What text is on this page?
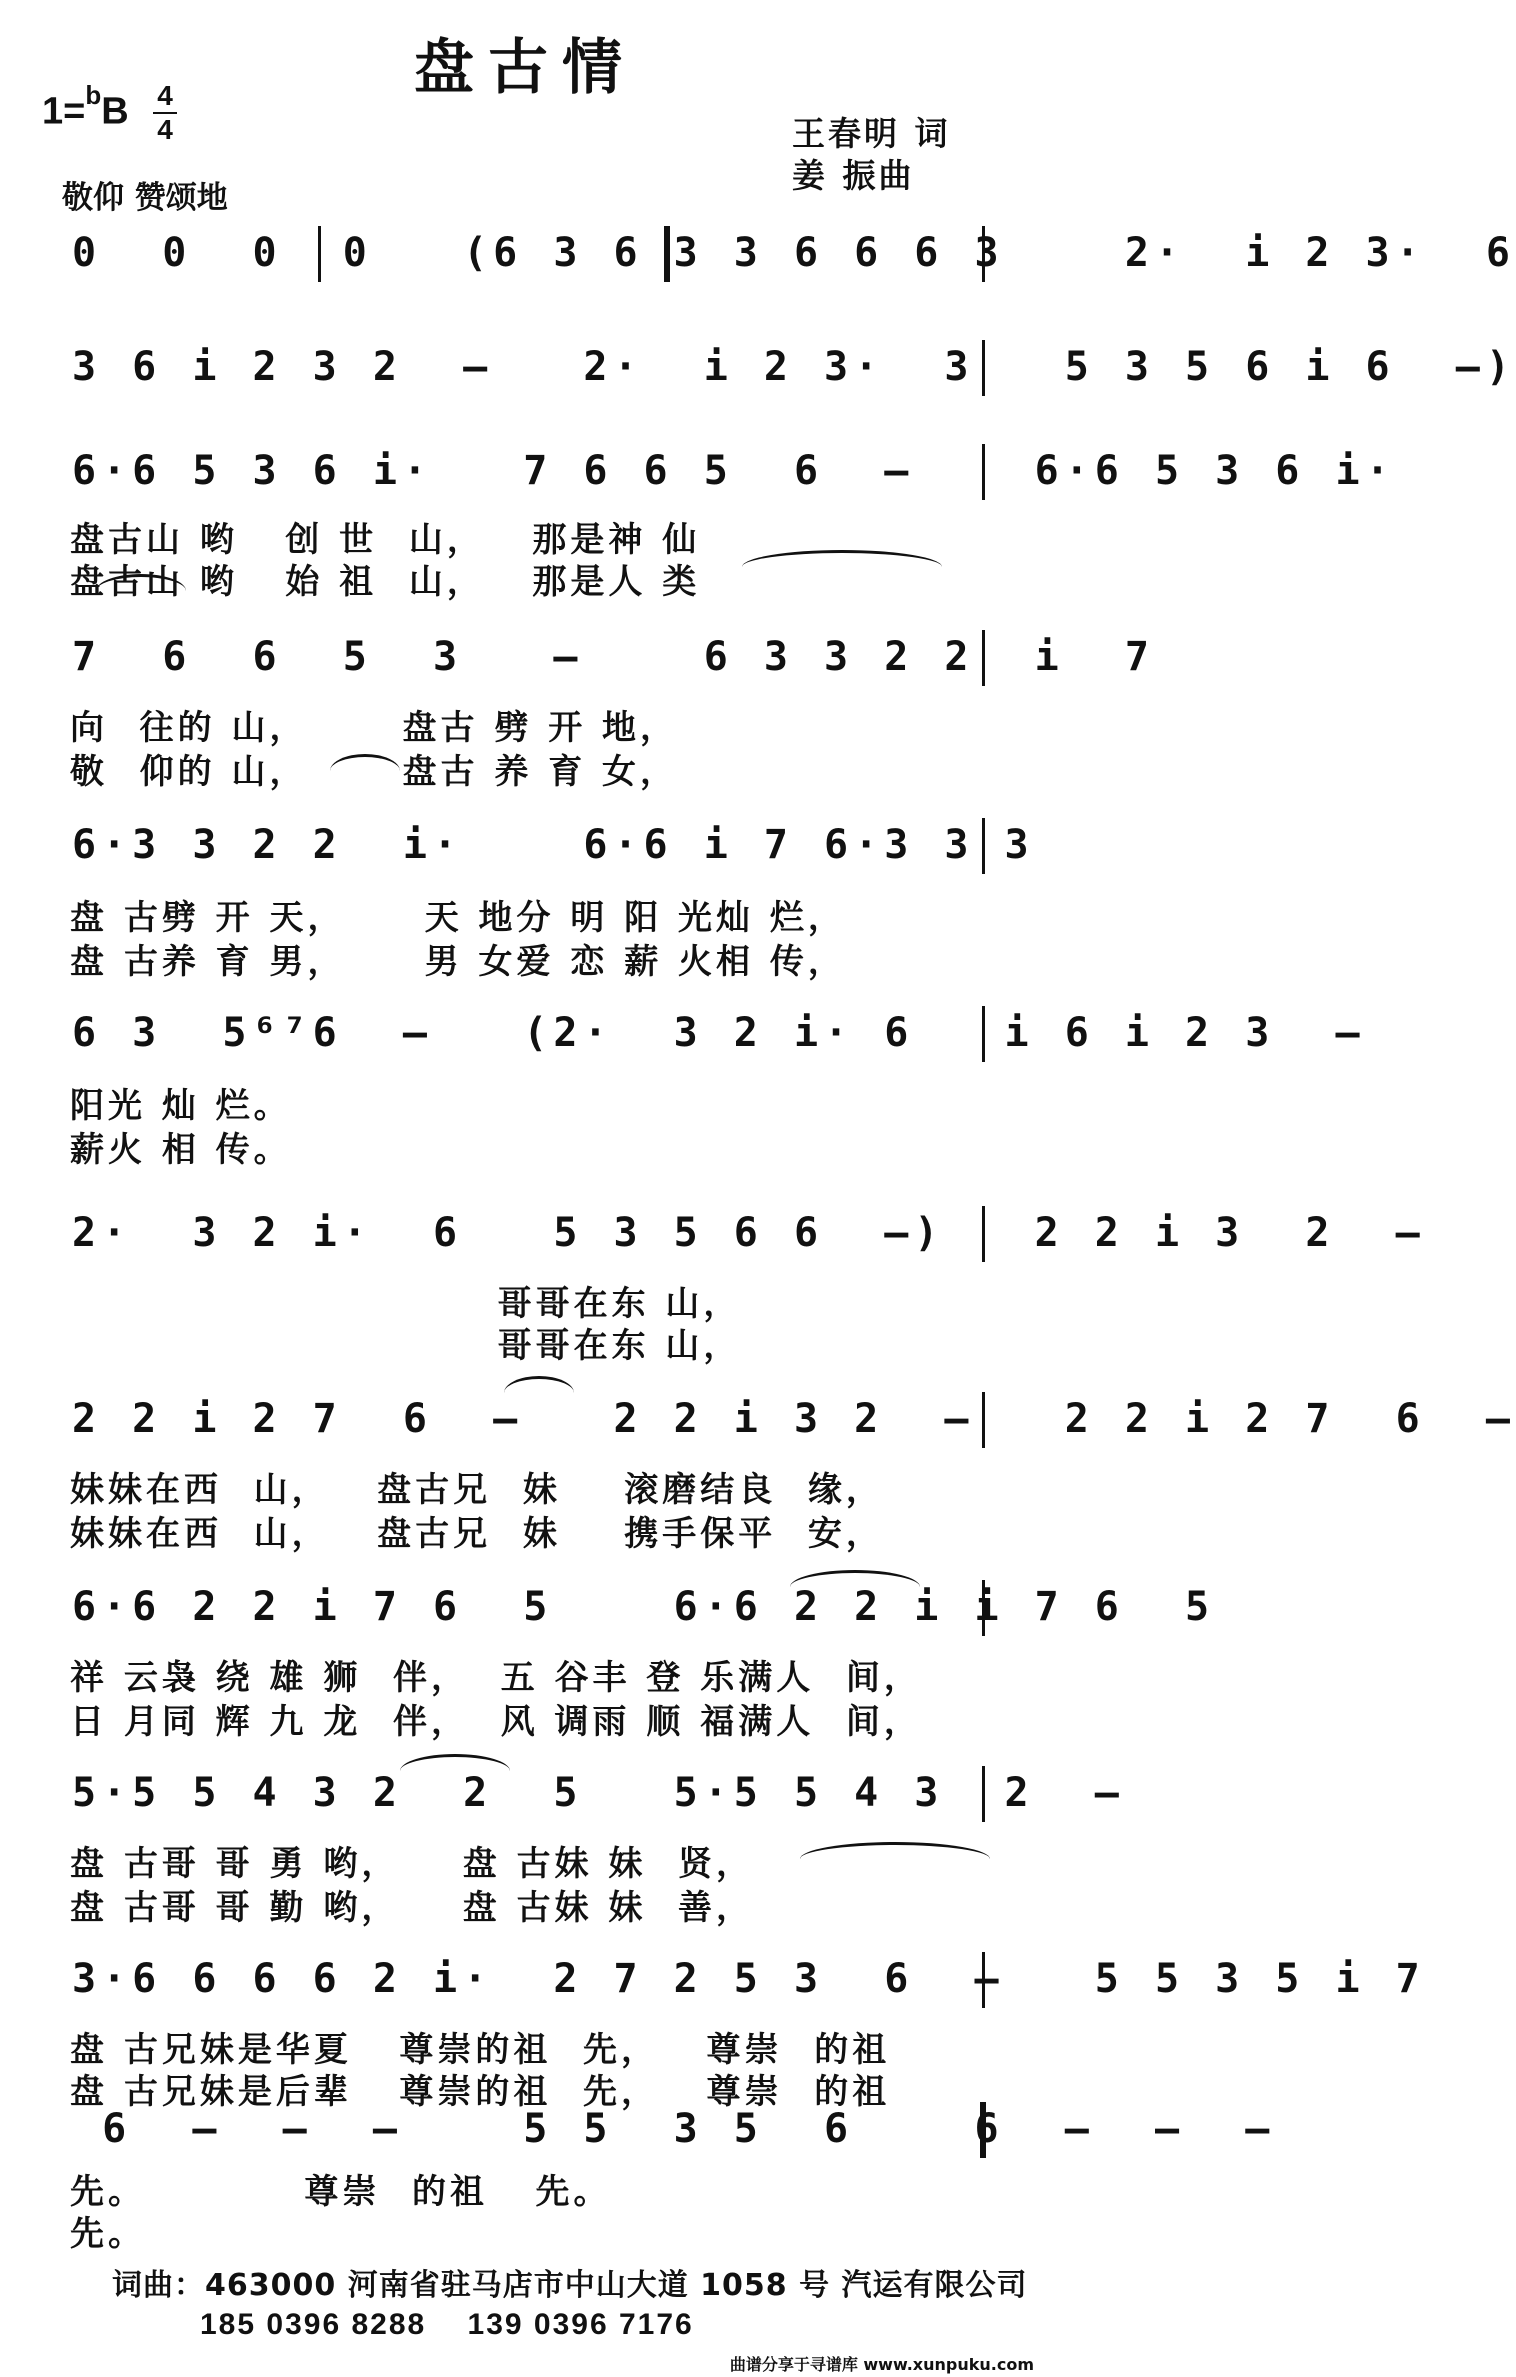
盘古情
1=$^b$B 4
4
敬仰 赞颂地
王春明 词
姜 振曲
0  0  0  0   (6 3 6 3 3 6 6 6 3    2·  i 2 3·  6
3 6 i 2 3 2  —   2·  i 2 3·  3   5 3 5 6 i 6  —)
6·6 5 3 6 i·   7 6 6 5  6  —    6·6 5 3 6 i·
盘古山 哟   创 世  山，   那是神 仙
盘古山 哟   始 祖  山，   那是人 类
7  6  6  5  3   —    6 3 3 2 2  i  7
向  往的 山，      盘古 劈 开 地，
敬  仰的 山，      盘古 养 育 女，
6·3 3 2 2  i·    6·6 i 7 6·3 3 3
盘 古劈 开 天，     天 地分 明 阳 光灿 烂，
盘 古养 育 男，     男 女爱 恋 薪 火相 传，
6 3  5⁶⁷6  —   (2·  3 2 i· 6   i 6 i 2 3  —
阳光 灿 烂。
薪火 相 传。
2·  3 2 i·  6   5 3 5 6 6  —)   2 2 i 3  2  —
哥哥在东 山，
哥哥在东 山，
2 2 i 2 7  6  —   2 2 i 3 2  —   2 2 i 2 7  6  —
妹妹在西  山，   盘古兄  妹    滚磨结良  缘，
妹妹在西  山，   盘古兄  妹    携手保平  安，
6·6 2 2 i 7 6  5    6·6 2 2 i i 7 6  5
祥 云袅 绕 雄 狮  伴，  五 谷丰 登 乐满人  间，
日 月同 辉 九 龙  伴，  风 调雨 顺 福满人  间，
5·5 5 4 3 2  2  5   5·5 5 4 3  2  —
盘 古哥 哥 勇 哟，    盘 古妹 妹  贤，
盘 古哥 哥 勤 哟，    盘 古妹 妹  善，
3·6 6 6 6 2 i·  2 7 2 5 3  6  —   5 5 3 5 i 7
盘 古兄妹是华夏   尊崇的祖  先，   尊崇  的祖
盘 古兄妹是后辈   尊崇的祖  先，   尊崇  的祖
6  —  —  —    5 5  3 5  6    6  —  —  —
先。          尊崇  的祖   先。
先。
词曲：463000 河南省驻马店市中山大道 1058 号 汽运有限公司
185 0396 8288    139 0396 7176
曲谱分享于寻谱库 www.xunpuku.com
